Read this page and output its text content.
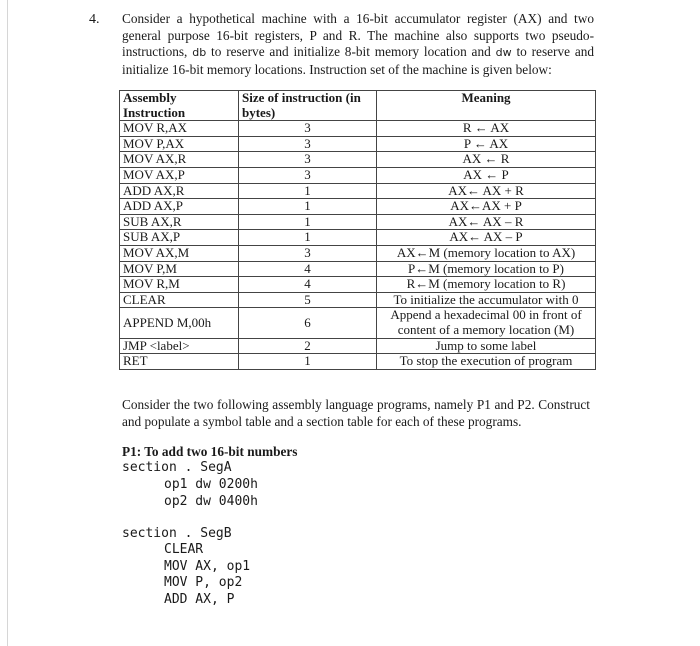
4. Consider a hypothetical machine with a 16-bit accumulator register (AX) and two general purpose 16-bit registers, P and R. The machine also supports two pseudo-instructions, db to reserve and initialize 8-bit memory location and dw to reserve and initialize 16-bit memory locations. Instruction set of the machine is given below:

Assembly Instruction	Size of instruction (in bytes)	Meaning
MOV R,AX	3	R ← AX
MOV P,AX	3	P ← AX
MOV AX,R	3	AX ← R
MOV AX,P	3	AX ← P
ADD AX,R	1	AX← AX + R
ADD AX,P	1	AX←AX + P
SUB AX,R	1	AX← AX – R
SUB AX,P	1	AX← AX – P
MOV AX,M	3	AX←M (memory location to AX)
MOV P,M	4	P←M (memory location to P)
MOV R,M	4	R←M (memory location to R)
CLEAR	5	To initialize the accumulator with 0
APPEND M,00h	6	Append a hexadecimal 00 in front of content of a memory location (M)
JMP <label>	2	Jump to some label
RET	1	To stop the execution of program

Consider the two following assembly language programs, namely P1 and P2. Construct and populate a symbol table and a section table for each of these programs.

P1: To add two 16-bit numbers
section . SegA
op1 dw 0200h
op2 dw 0400h
section . SegB
CLEAR
MOV AX, op1
MOV P, op2
ADD AX, P
